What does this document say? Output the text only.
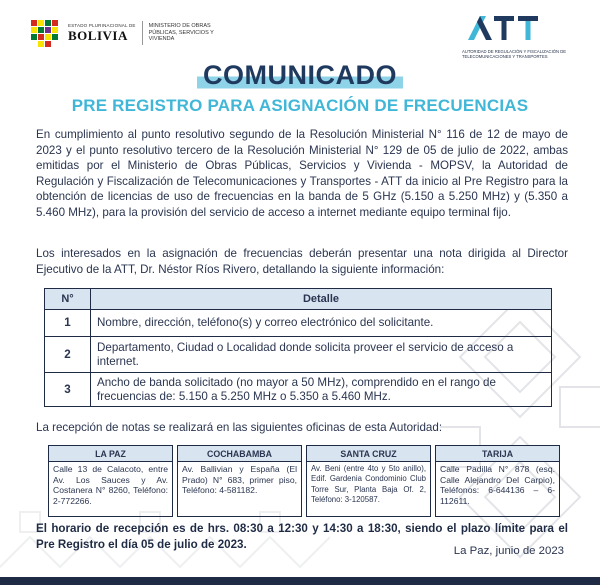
ESTADO PLURINACIONAL DE
BOLIVIA
MINISTERIO DE OBRAS PÚBLICAS, SERVICIOS Y VIVIENDA
AUTORIDAD DE REGULACIÓN Y FISCALIZACIÓN DE TELECOMUNICACIONES Y TRANSPORTES
COMUNICADO
PRE REGISTRO PARA ASIGNACIÓN DE FRECUENCIAS
En cumplimiento al punto resolutivo segundo de la Resolución Ministerial N° 116 de 12 de mayo de 2023 y el punto resolutivo tercero de la Resolución Ministerial N° 129 de 05 de julio de 2022, ambas emitidas por el Ministerio de Obras Públicas, Servicios y Vivienda - MOPSV, la Autoridad de Regulación y Fiscalización de Telecomunicaciones y Transportes - ATT da inicio al Pre Registro para la obtención de licencias de uso de frecuencias en la banda de 5 GHz (5.150 a 5.250 MHz) y (5.350 a 5.460 MHz), para la provisión del servicio de acceso a internet mediante equipo terminal fijo.
Los interesados en la asignación de frecuencias deberán presentar una nota dirigida al Director Ejecutivo de la ATT, Dr. Néstor Ríos Rivero, detallando la siguiente información:
N°	Detalle
1	Nombre, dirección, teléfono(s) y correo electrónico del solicitante.
2	Departamento, Ciudad o Localidad donde solicita proveer el servicio de acceso a internet.
3	Ancho de banda solicitado (no mayor a 50 MHz), comprendido en el rango de frecuencias de: 5.150 a 5.250 MHz o 5.350 a 5.460 MHz.
La recepción de notas se realizará en las siguientes oficinas de esta Autoridad:
LA PAZ	COCHABAMBA	SANTA CRUZ	TARIJA
Calle 13 de Calacoto, entre Av. Los Sauces y Av. Costanera N° 8260, Teléfono: 2-772266.	Av. Ballivian y España (El Prado) N° 683, primer piso, Teléfono: 4-581182.	Av. Beni (entre 4to y 5to anillo), Edif. Gardenia Condominio Club Torre Sur, Planta Baja Of. 2, Teléfono: 3-120587.	Calle Padilla N° 878 (esq. Calle Alejandro Del Carpio), Teléfonos: 6-644136 – 6-112611.
El horario de recepción es de hrs. 08:30 a 12:30 y 14:30 a 18:30, siendo el plazo límite para el Pre Registro el día 05 de julio de 2023.
La Paz, junio de 2023
